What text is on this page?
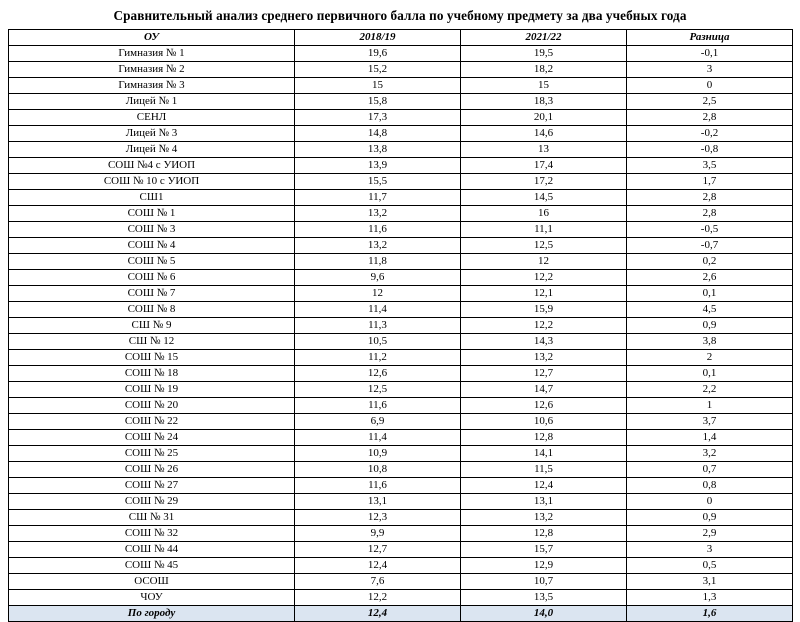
Сравнительный анализ среднего первичного балла по учебному предмету за два учебных года
ОУ	2018/19	2021/22	Разница
Гимназия № 1	19,6	19,5	-0,1
Гимназия № 2	15,2	18,2	3
Гимназия № 3	15	15	0
Лицей № 1	15,8	18,3	2,5
СЕНЛ	17,3	20,1	2,8
Лицей № 3	14,8	14,6	-0,2
Лицей № 4	13,8	13	-0,8
СОШ №4 с УИОП	13,9	17,4	3,5
СОШ № 10 с УИОП	15,5	17,2	1,7
СШ1	11,7	14,5	2,8
СОШ № 1	13,2	16	2,8
СОШ № 3	11,6	11,1	-0,5
СОШ № 4	13,2	12,5	-0,7
СОШ № 5	11,8	12	0,2
СОШ № 6	9,6	12,2	2,6
СОШ № 7	12	12,1	0,1
СОШ № 8	11,4	15,9	4,5
СШ № 9	11,3	12,2	0,9
СШ № 12	10,5	14,3	3,8
СОШ № 15	11,2	13,2	2
СОШ № 18	12,6	12,7	0,1
СОШ № 19	12,5	14,7	2,2
СОШ № 20	11,6	12,6	1
СОШ № 22	6,9	10,6	3,7
СОШ № 24	11,4	12,8	1,4
СОШ № 25	10,9	14,1	3,2
СОШ № 26	10,8	11,5	0,7
СОШ № 27	11,6	12,4	0,8
СОШ № 29	13,1	13,1	0
СШ № 31	12,3	13,2	0,9
СОШ № 32	9,9	12,8	2,9
СОШ № 44	12,7	15,7	3
СОШ № 45	12,4	12,9	0,5
ОСОШ	7,6	10,7	3,1
ЧОУ	12,2	13,5	1,3
По городу	12,4	14,0	1,6
